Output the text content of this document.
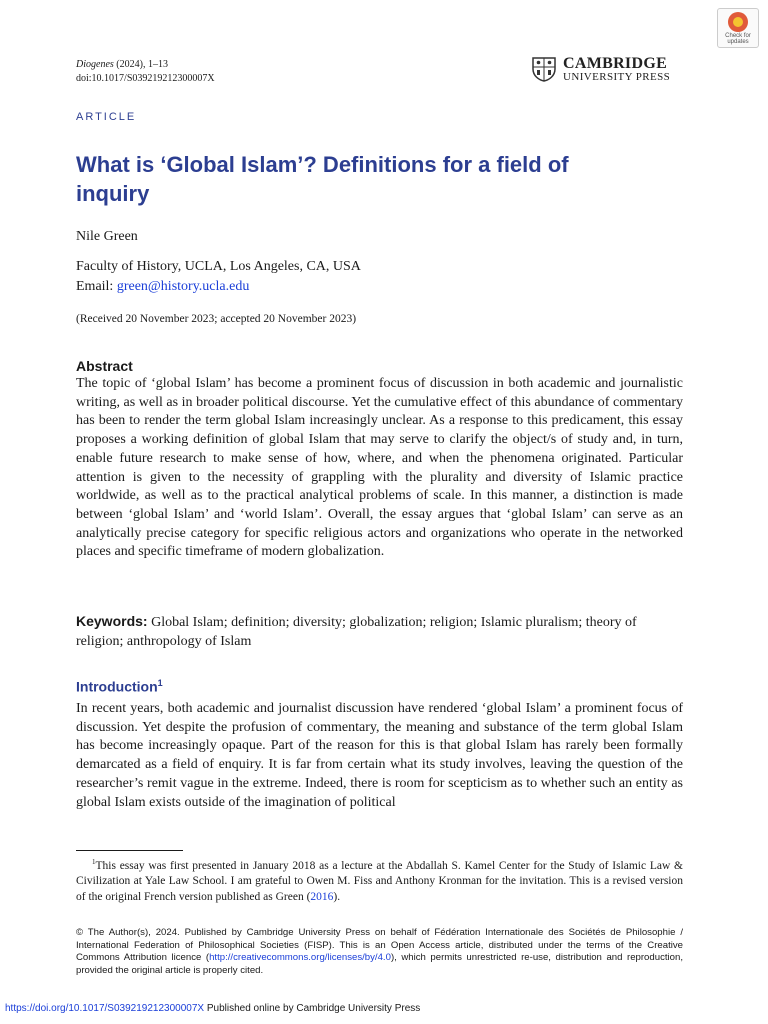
Diogenes (2024), 1–13
doi:10.1017/S039219212300007X
CAMBRIDGE
UNIVERSITY PRESS
Check for updates
ARTICLE
What is ‘Global Islam’? Definitions for a field of inquiry
Nile Green
Faculty of History, UCLA, Los Angeles, CA, USA
Email: green@history.ucla.edu
(Received 20 November 2023; accepted 20 November 2023)
Abstract
The topic of ‘global Islam’ has become a prominent focus of discussion in both academic and journalistic writing, as well as in broader political discourse. Yet the cumulative effect of this abundance of commentary has been to render the term global Islam increasingly unclear. As a response to this predicament, this essay proposes a working definition of global Islam that may serve to clarify the object/s of study and, in turn, enable future research to make sense of how, where, and when the phenomena originated. Particular attention is given to the necessity of grappling with the plurality and diversity of Islamic practice worldwide, as well as to the practical analytical problems of scale. In this manner, a distinction is made between ‘global Islam’ and ‘world Islam’. Overall, the essay argues that ‘global Islam’ can serve as an analytically precise category for specific religious actors and organizations who operate in the networked places and specific timeframe of modern globalization.
Keywords: Global Islam; definition; diversity; globalization; religion; Islamic pluralism; theory of religion; anthropology of Islam
Introduction$^1$
In recent years, both academic and journalist discussion have rendered ‘global Islam’ a prominent focus of discussion. Yet despite the profusion of commentary, the meaning and substance of the term global Islam has become increasingly opaque. Part of the reason for this is that global Islam has rarely been formally demarcated as a field of enquiry. It is far from certain what its study involves, leaving the question of the researcher’s remit vague in the extreme. Indeed, there is room for scepticism as to whether such an entity as global Islam exists outside of the imagination of political
$^1$This essay was first presented in January 2018 as a lecture at the Abdallah S. Kamel Center for the Study of Islamic Law & Civilization at Yale Law School. I am grateful to Owen M. Fiss and Anthony Kronman for the invitation. This is a revised version of the original French version published as Green (2016).
© The Author(s), 2024. Published by Cambridge University Press on behalf of Fédération Internationale des Sociétés de Philosophie / International Federation of Philosophical Societies (FISP). This is an Open Access article, distributed under the terms of the Creative Commons Attribution licence (http://creativecommons.org/licenses/by/4.0), which permits unrestricted re-use, distribution and reproduction, provided the original article is properly cited.
https://doi.org/10.1017/S039219212300007X Published online by Cambridge University Press
